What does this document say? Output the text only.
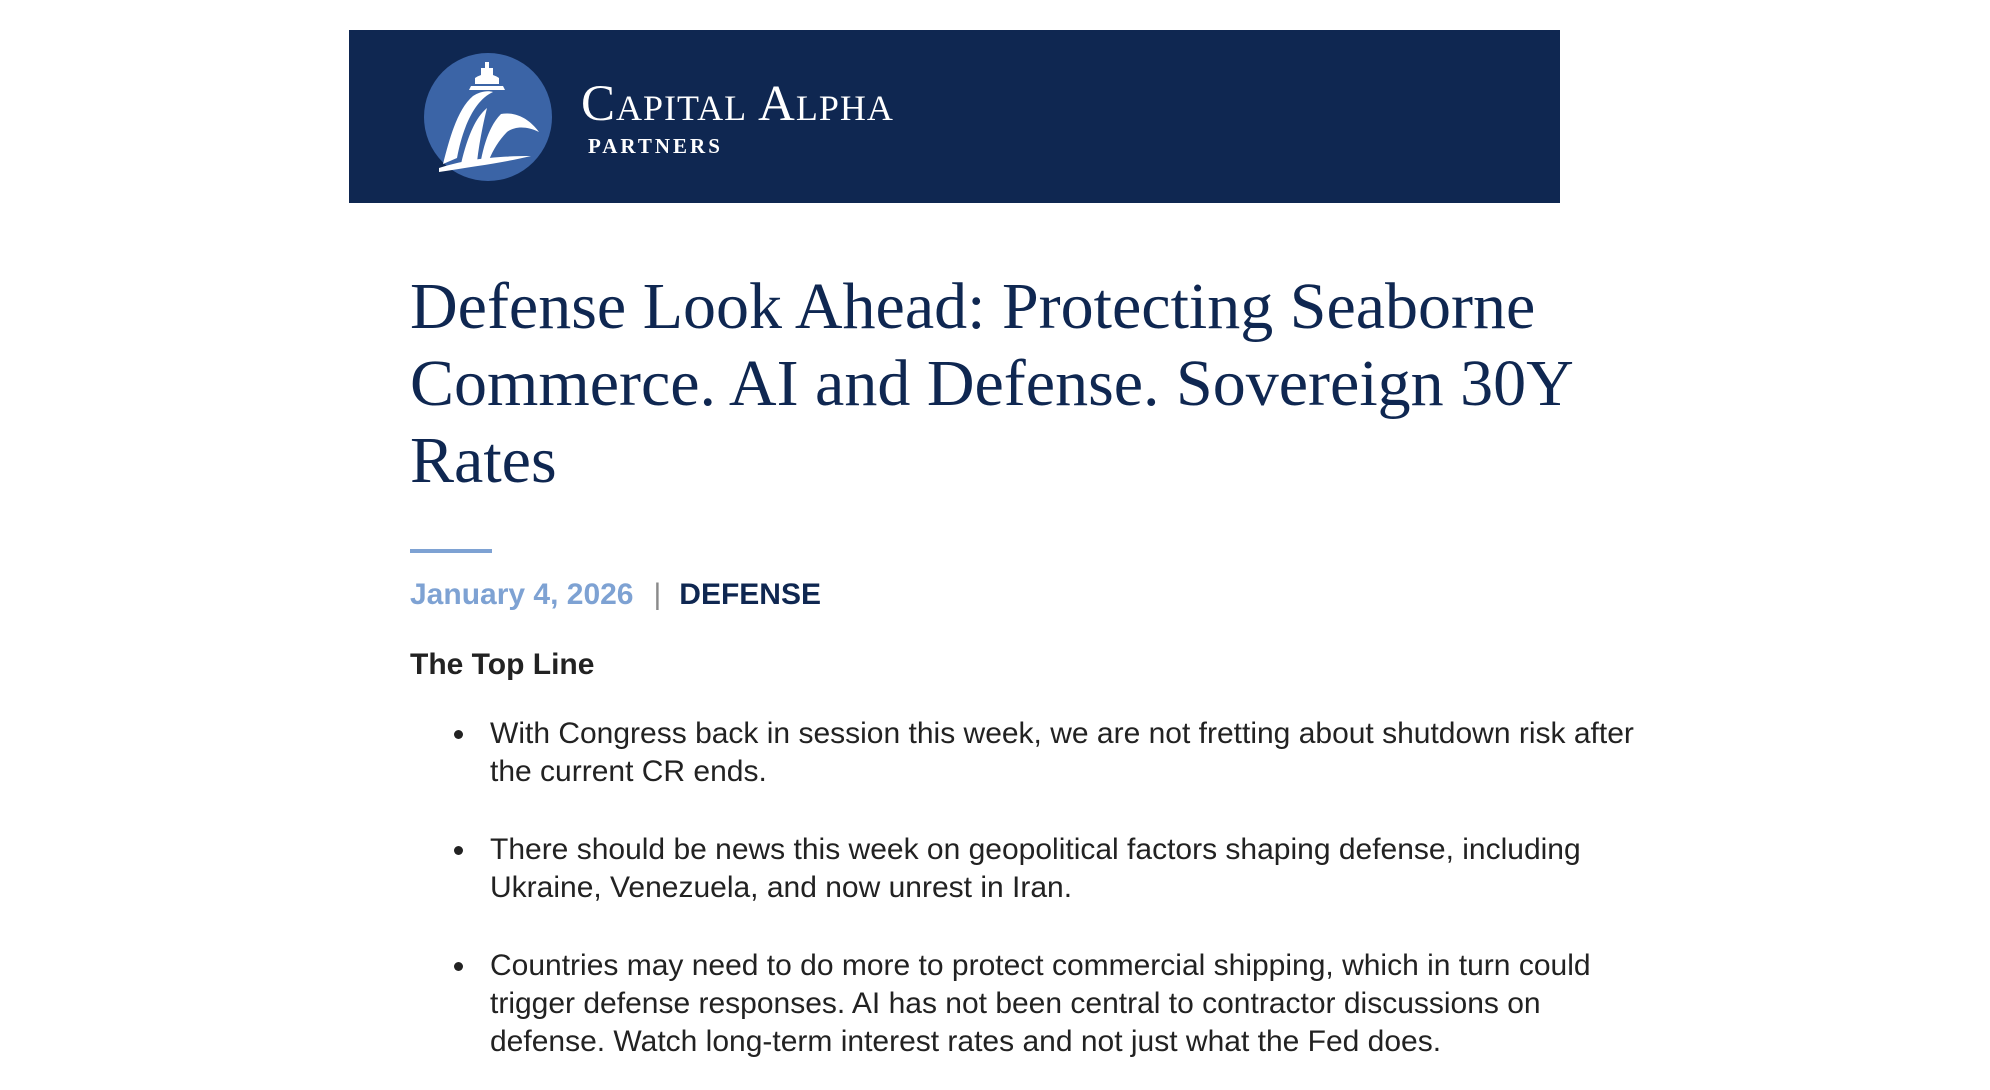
Capital Alpha
PARTNERS
Defense Look Ahead: Protecting Seaborne Commerce. AI and Defense. Sovereign 30Y Rates
January 4, 2026 | DEFENSE
The Top Line
With Congress back in session this week, we are not fretting about shutdown risk after the current CR ends.
There should be news this week on geopolitical factors shaping defense, including Ukraine, Venezuela, and now unrest in Iran.
Countries may need to do more to protect commercial shipping, which in turn could trigger defense responses. AI has not been central to contractor discussions on defense. Watch long-term interest rates and not just what the Fed does.
